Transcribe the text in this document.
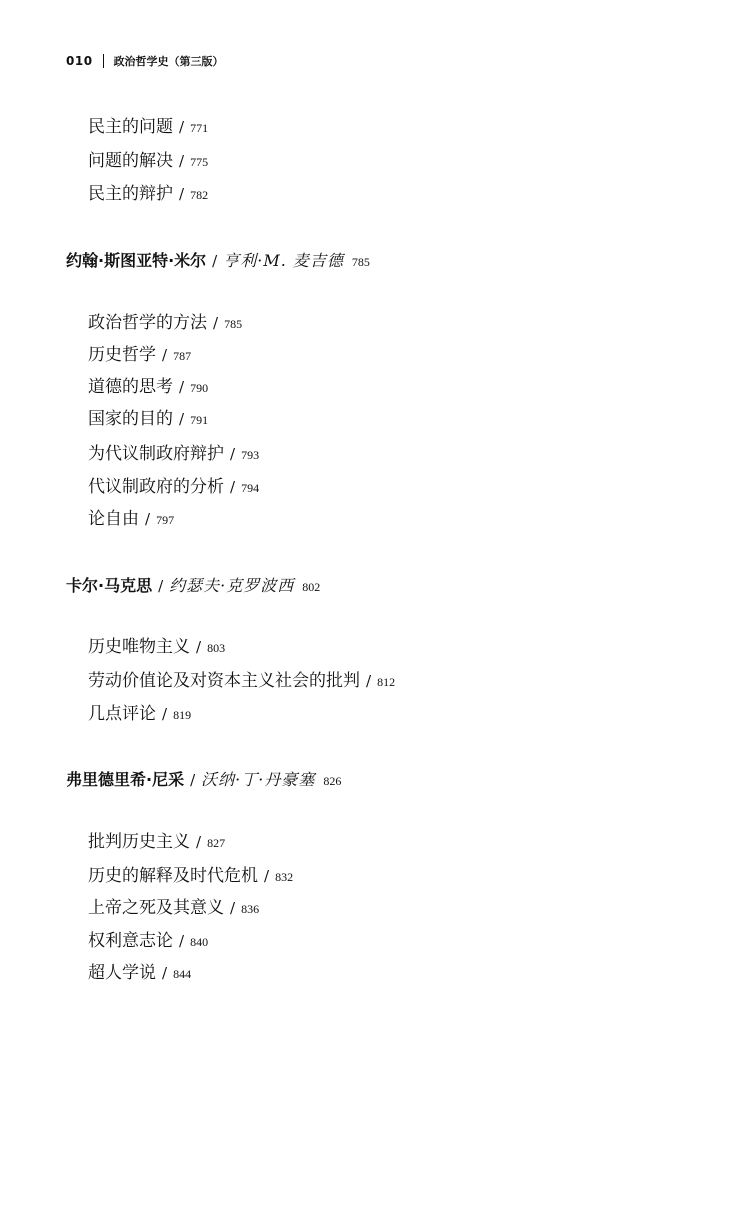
010 政治哲学史（第三版）
民主的问题 / 771
问题的解决 / 775
民主的辩护 / 782
约翰·斯图亚特·米尔 / 亨利·M. 麦吉德 785
政治哲学的方法 / 785
历史哲学 / 787
道德的思考 / 790
国家的目的 / 791
为代议制政府辩护 / 793
代议制政府的分析 / 794
论自由 / 797
卡尔·马克思 / 约瑟夫·克罗波西 802
历史唯物主义 / 803
劳动价值论及对资本主义社会的批判 / 812
几点评论 / 819
弗里德里希·尼采 / 沃纳·丁·丹豪塞 826
批判历史主义 / 827
历史的解释及时代危机 / 832
上帝之死及其意义 / 836
权利意志论 / 840
超人学说 / 844
